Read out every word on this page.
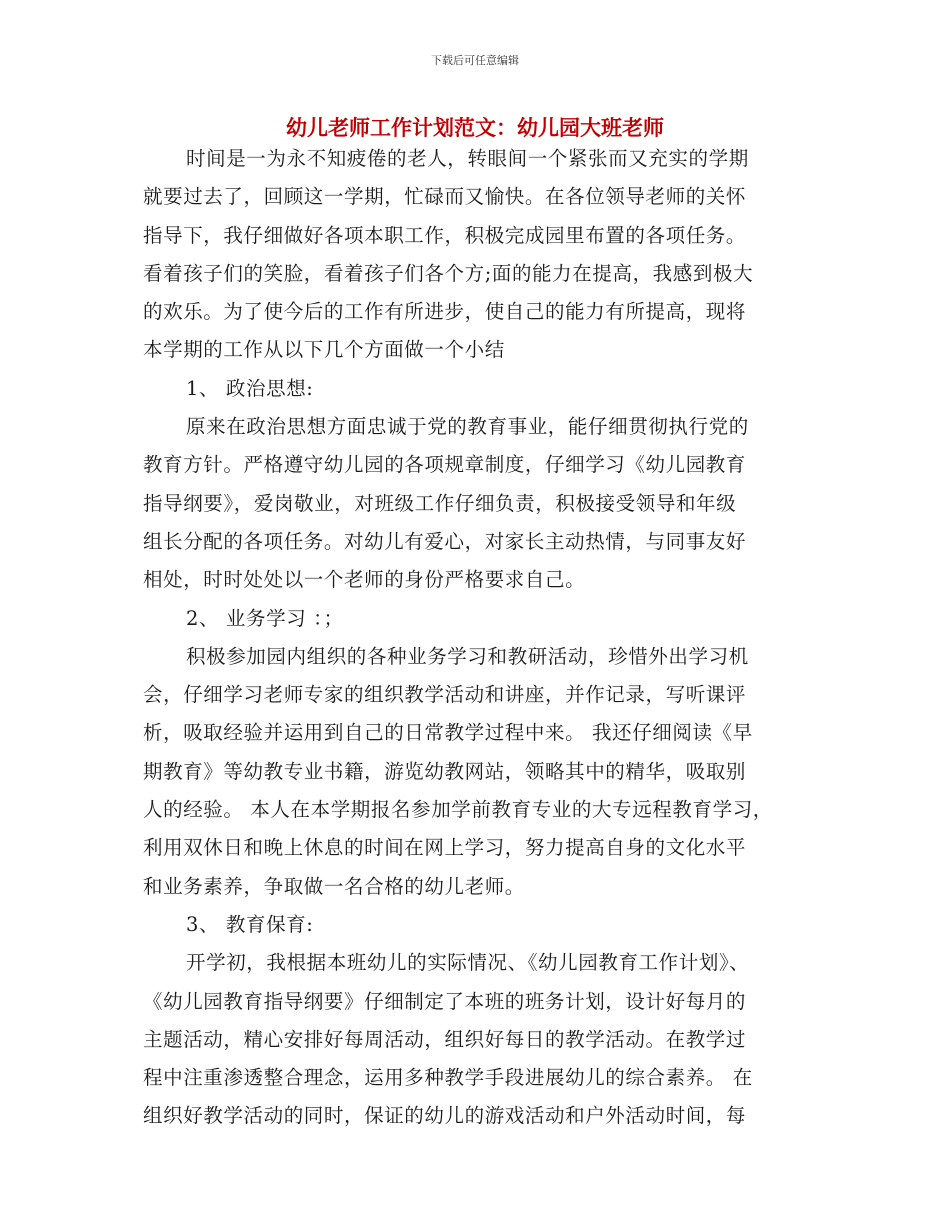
下载后可任意编辑
幼儿老师工作计划范文：幼儿园大班老师
时间是一为永不知疲倦的老人，转眼间一个紧张而又充实的学期
就要过去了，回顾这一学期，忙碌而又愉快。在各位领导老师的关怀
指导下，我仔细做好各项本职工作，积极完成园里布置的各项任务。
看着孩子们的笑脸，看着孩子们各个方;面的能力在提高，我感到极大
的欢乐。为了使今后的工作有所进步，使自己的能力有所提高，现将
本学期的工作从以下几个方面做一个小结
1、 政治思想:
原来在政治思想方面忠诚于党的教育事业，能仔细贯彻执行党的
教育方针。严格遵守幼儿园的各项规章制度，仔细学习《幼儿园教育
指导纲要》，爱岗敬业，对班级工作仔细负责，积极接受领导和年级
组长分配的各项任务。对幼儿有爱心，对家长主动热情，与同事友好
相处，时时处处以一个老师的身份严格要求自己。
2、 业务学习 ：；
积极参加园内组织的各种业务学习和教研活动，珍惜外出学习机
会，仔细学习老师专家的组织教学活动和讲座，并作记录，写听课评
析，吸取经验并运用到自己的日常教学过程中来。 我还仔细阅读《早
期教育》等幼教专业书籍，游览幼教网站，领略其中的精华，吸取别
人的经验。 本人在本学期报名参加学前教育专业的大专远程教育学习，
利用双休日和晚上休息的时间在网上学习，努力提高自身的文化水平
和业务素养，争取做一名合格的幼儿老师。
3、 教育保育:
开学初，我根据本班幼儿的实际情况、《幼儿园教育工作计划》、
《幼儿园教育指导纲要》仔细制定了本班的班务计划，设计好每月的
主题活动，精心安排好每周活动，组织好每日的教学活动。在教学过
程中注重渗透整合理念，运用多种教学手段进展幼儿的综合素养。 在
组织好教学活动的同时，保证的幼儿的游戏活动和户外活动时间，每
